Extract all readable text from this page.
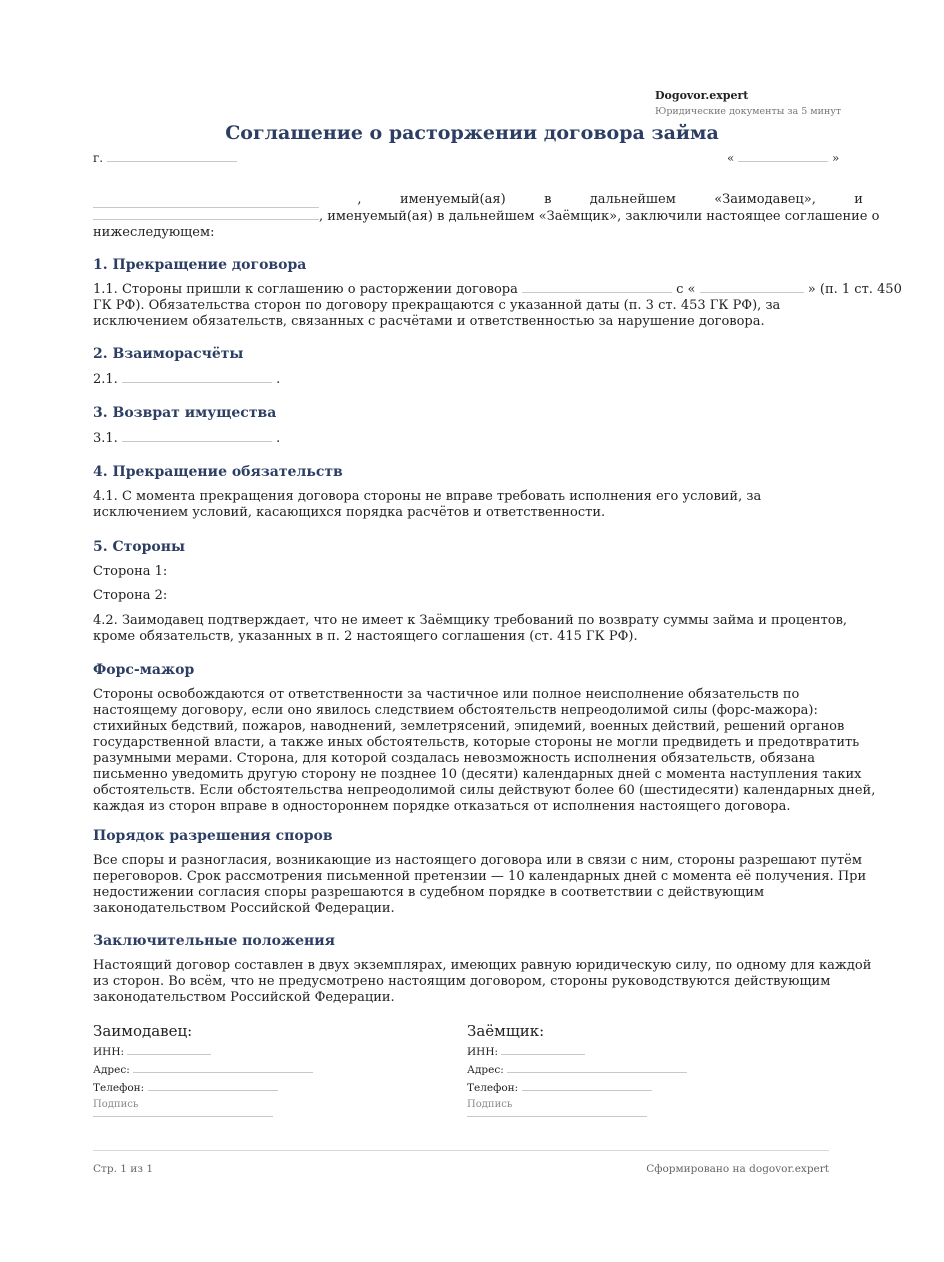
Dogovor.expert
Юридические документы за 5 минут
Соглашение о расторжении договора займа
г.	«	»
,	именуемый(ая)	в	дальнейшем	«Заимодавец»,	и
, именуемый(ая) в дальнейшем «Заёмщик», заключили настоящее соглашение о
нижеследующем:
1. Прекращение договора
1.1. Стороны пришли к соглашению о расторжении договора	с «	» (п. 1 ст. 450
ГК РФ). Обязательства сторон по договору прекращаются с указанной даты (п. 3 ст. 453 ГК РФ), за исключением обязательств, связанных с расчётами и ответственностью за нарушение договора.
2. Взаиморасчёты
2.1.	.
3. Возврат имущества
3.1.	.
4. Прекращение обязательств
4.1. С момента прекращения договора стороны не вправе требовать исполнения его условий, за исключением условий, касающихся порядка расчётов и ответственности.
5. Стороны
Сторона 1:
Сторона 2:
4.2. Заимодавец подтверждает, что не имеет к Заёмщику требований по возврату суммы займа и процентов, кроме обязательств, указанных в п. 2 настоящего соглашения (ст. 415 ГК РФ).
Форс-мажор
Стороны освобождаются от ответственности за частичное или полное неисполнение обязательств по настоящему договору, если оно явилось следствием обстоятельств непреодолимой силы (форс-мажора): стихийных бедствий, пожаров, наводнений, землетрясений, эпидемий, военных действий, решений органов государственной власти, а также иных обстоятельств, которые стороны не могли предвидеть и предотвратить разумными мерами. Сторона, для которой создалась невозможность исполнения обязательств, обязана письменно уведомить другую сторону не позднее 10 (десяти) календарных дней с момента наступления таких обстоятельств. Если обстоятельства непреодолимой силы действуют более 60 (шестидесяти) календарных дней, каждая из сторон вправе в одностороннем порядке отказаться от исполнения настоящего договора.
Порядок разрешения споров
Все споры и разногласия, возникающие из настоящего договора или в связи с ним, стороны разрешают путём переговоров. Срок рассмотрения письменной претензии — 10 календарных дней с момента её получения. При недостижении согласия споры разрешаются в судебном порядке в соответствии с действующим законодательством Российской Федерации.
Заключительные положения
Настоящий договор составлен в двух экземплярах, имеющих равную юридическую силу, по одному для каждой из сторон. Во всём, что не предусмотрено настоящим договором, стороны руководствуются действующим законодательством Российской Федерации.
Заимодавец:
ИНН:
Адрес:
Телефон:
Подпись
Заёмщик:
ИНН:
Адрес:
Телефон:
Подпись
Стр. 1 из 1	Сформировано на dogovor.expert
